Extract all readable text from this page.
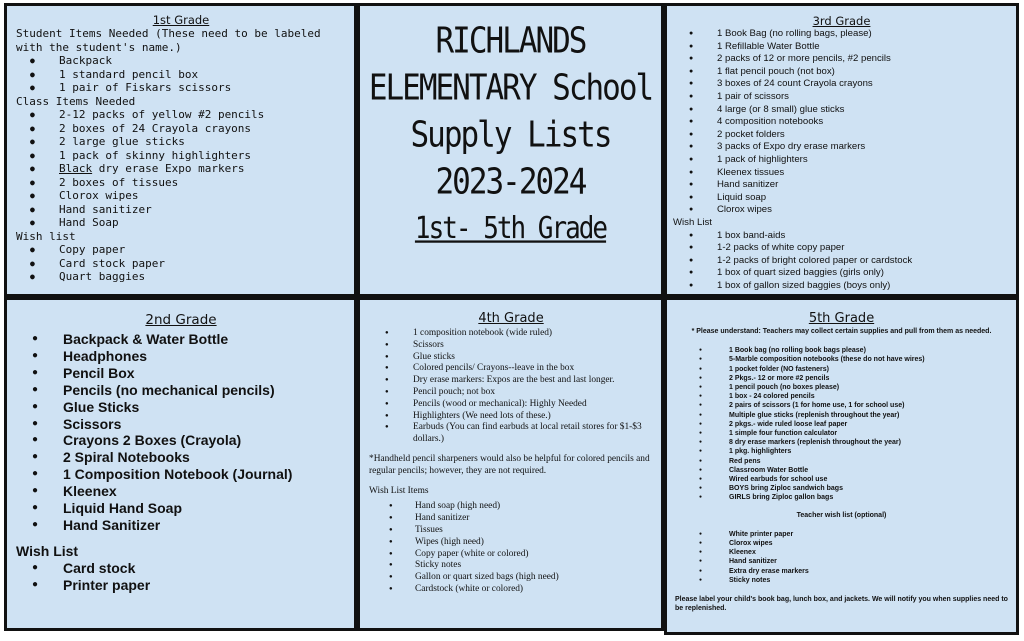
1st Grade

Student Items Needed (These need to be labeled with the student's name.)

● Backpack
● 1 standard pencil box
● 1 pair of Fiskars scissors

Class Items Needed

● 2-12 packs of yellow #2 pencils
● 2 boxes of 24 Crayola crayons
● 2 large glue sticks
● 1 pack of skinny highlighters
● Black dry erase Expo markers
● 2 boxes of tissues
● Clorox wipes
● Hand sanitizer
● Hand Soap

Wish list

● Copy paper
● Card stock paper
● Quart baggies
RICHLANDS
ELEMENTARY School
Supply Lists
2023-2024
1st- 5th Grade
3rd Grade
● 1 Book Bag (no rolling bags, please)
● 1 Refillable Water Bottle
● 2 packs of 12 or more pencils, #2 pencils
● 1 flat pencil pouch (not box)
● 3 boxes of 24 count Crayola crayons
● 1 pair of scissors
● 4 large (or 8 small) glue sticks
● 4 composition notebooks
● 2 pocket folders
● 3 packs of Expo dry erase markers
● 1 pack of highlighters
● Kleenex tissues
● Hand sanitizer
● Liquid soap
● Clorox wipes

Wish List

● 1 box band-aids
● 1-2 packs of white copy paper
● 1-2 packs of bright colored paper or cardstock
● 1 box of quart sized baggies (girls only)
● 1 box of gallon sized baggies (boys only)
2nd Grade
● Backpack & Water Bottle
● Headphones
● Pencil Box
● Pencils (no mechanical pencils)
● Glue Sticks
● Scissors
● Crayons 2 Boxes (Crayola)
● 2 Spiral Notebooks
● 1 Composition Notebook (Journal)
● Kleenex
● Liquid Hand Soap
● Hand Sanitizer

Wish List

● Card stock
● Printer paper
4th Grade
● 1 composition notebook (wide ruled)
● Scissors
● Glue sticks
● Colored pencils/ Crayons--leave in the box
● Dry erase markers: Expos are the best and last longer.
● Pencil pouch; not box
● Pencils (wood or mechanical): Highly Needed
● Highlighters (We need lots of these.)
● Earbuds (You can find earbuds at local retail stores for $1-$3 dollars.)

*Handheld pencil sharpeners would also be helpful for colored pencils and regular pencils; however, they are not required.

Wish List Items

● Hand soap (high need)
● Hand sanitizer
● Tissues
● Wipes (high need)
● Copy paper (white or colored)
● Sticky notes
● Gallon or quart sized bags (high need)
● Cardstock (white or colored)
5th Grade

* Please understand: Teachers may collect certain supplies and pull from them as needed.

● 1 Book bag (no rolling book bags please)
● 5-Marble composition notebooks (these do not have wires)
● 1 pocket folder (NO fasteners)
● 2 Pkgs.- 12 or more #2 pencils
● 1 pencil pouch (no boxes please)
● 1 box - 24 colored pencils
● 2 pairs of scissors (1 for home use, 1 for school use)
● Multiple glue sticks (replenish throughout the year)
● 2 pkgs.- wide ruled loose leaf paper
● 1 simple four function calculator
● 8 dry erase markers (replenish throughout the year)
● 1 pkg. highlighters
● Red pens
● Classroom Water Bottle
● Wired earbuds for school use
● BOYS bring Ziploc sandwich bags
● GIRLS bring Ziploc gallon bags

Teacher wish list (optional)

● White printer paper
● Clorox wipes
● Kleenex
● Hand sanitizer
● Extra dry erase markers
● Sticky notes

Please label your child's book bag, lunch box, and jackets. We will notify you when supplies need to be replenished.
